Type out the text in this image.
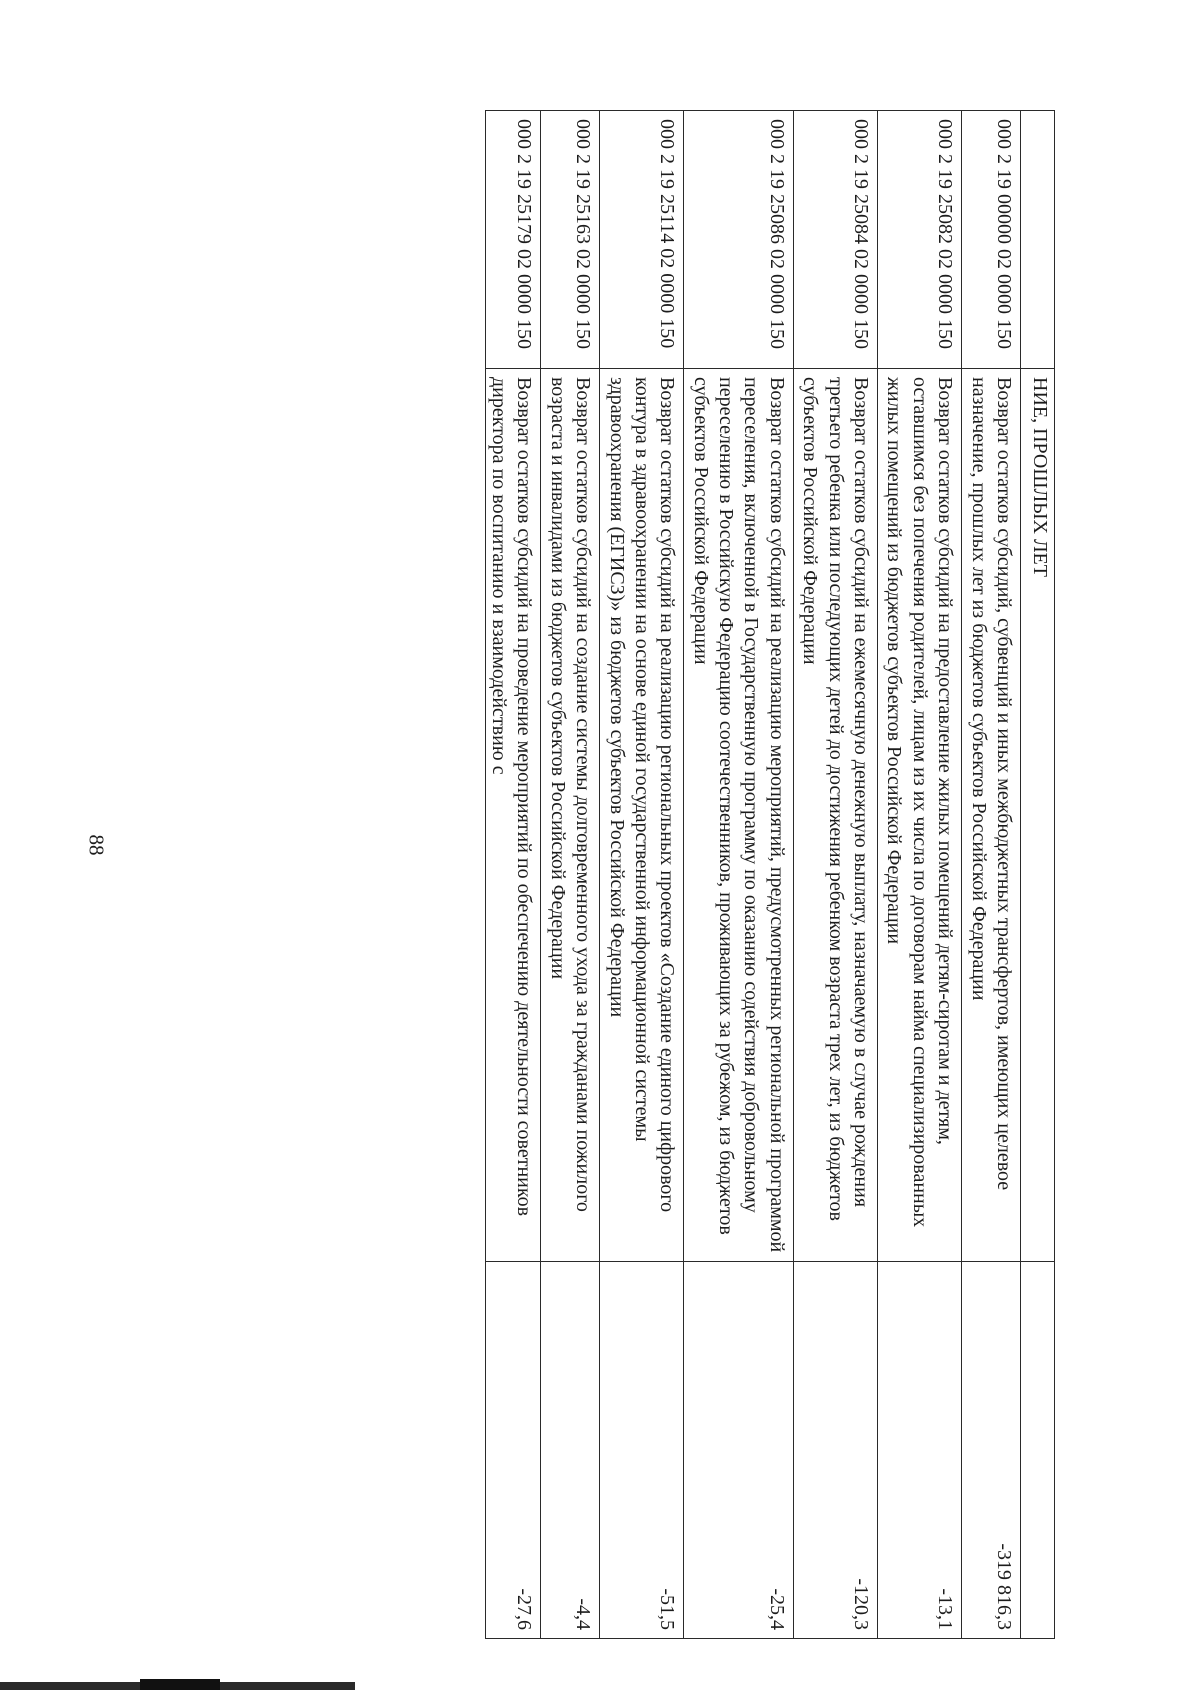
88
	НИЕ, ПРОШЛЫХ ЛЕТ	
000 2 19 00000 02 0000 150	Возврат остатков субсидий, субвенций и иных межбюджетных трансфертов, имеющих целевое назначение, прошлых лет из бюджетов субъектов Российской Федерации	-319 816,3
000 2 19 25082 02 0000 150	Возврат остатков субсидий на предоставление жилых помещений детям-сиротам и детям, оставшимся без попечения родителей, лицам из их числа по договорам найма специализированных жилых помещений из бюджетов субъектов Российской Федерации	-13,1
000 2 19 25084 02 0000 150	Возврат остатков субсидий на ежемесячную денежную выплату, назначаемую в случае рождения третьего ребенка или последующих детей до достижения ребенком возраста трех лет, из бюджетов субъектов Российской Федерации	-120,3
000 2 19 25086 02 0000 150	Возврат остатков субсидий на реализацию мероприятий, предусмотренных региональной программой переселения, включенной в Государственную программу по оказанию содействия добровольному переселению в Российскую Федерацию соотечественников, проживающих за рубежом, из бюджетов субъектов Российской Федерации	-25,4
000 2 19 25114 02 0000 150	Возврат остатков субсидий на реализацию региональных проектов «Создание единого цифрового контура в здравоохранении на основе единой государственной информационной системы здравоохранения (ЕГИСЗ)» из бюджетов субъектов Российской Федерации	-51,5
000 2 19 25163 02 0000 150	Возврат остатков субсидий на создание системы долговременного ухода за гражданами пожилого возраста и инвалидами из бюджетов субъектов Российской Федерации	-4,4
000 2 19 25179 02 0000 150	Возврат остатков субсидий на проведение мероприятий по обеспечению деятельности советников директора по воспитанию и взаимодействию с	-27,6
